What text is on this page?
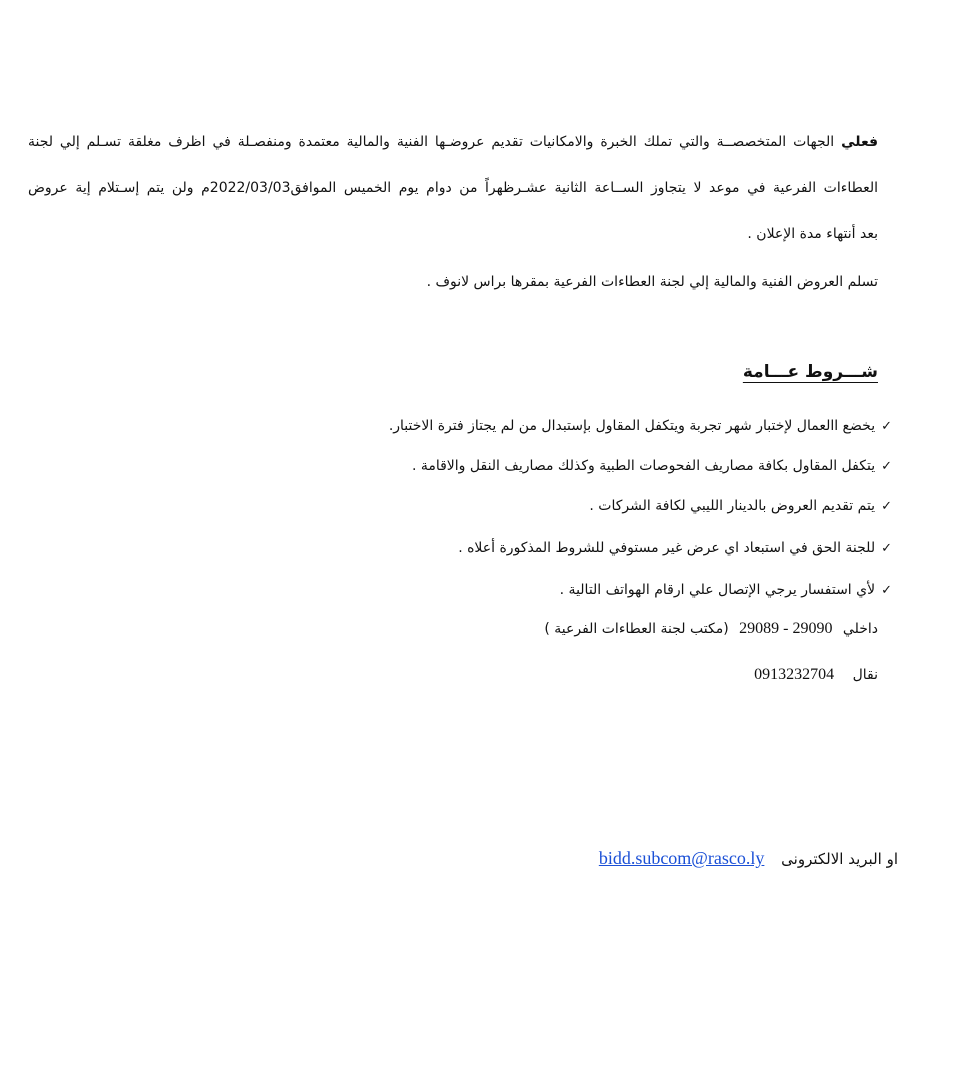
فعلي الجهات المتخصصــة والتي تملك الخبرة والامكانيات تقديم عروضـها الفنية والمالية معتمدة ومنفصـلة في اظرف مغلقة تسـلم إلي لجنة
العطاءات الفرعية في موعد لا يتجاوز الســاعة الثانية عشـرظهراً من دوام يوم الخميس الموافق2022/03/03م ولن يتم إسـتلام إية عروض
بعد أنتهاء مدة الإعلان .
تسلم العروض الفنية والمالية إلي لجنة العطاءات الفرعية بمقرها براس لانوف .
شـــروط عـــامة
✓يخضع االعمال لإختبار شهر تجربة ويتكفل المقاول بإستبدال من لم يجتاز فترة الاختبار.
✓يتكفل المقاول بكافة مصاريف الفحوصات الطبية وكذلك مصاريف النقل والاقامة .
✓يتم تقديم العروض بالدينار الليبي لكافة الشركات .
✓للجنة الحق في استبعاد اي عرض غير مستوفي للشروط المذكورة أعلاه .
✓لأي استفسار يرجي الإتصال علي ارقام الهواتف التالية .
داخلي 29089 - 29090 (مكتب لجنة العطاءات الفرعية )
نقال 0913232704
او البريد الالكترونى bidd.subcom@rasco.ly
